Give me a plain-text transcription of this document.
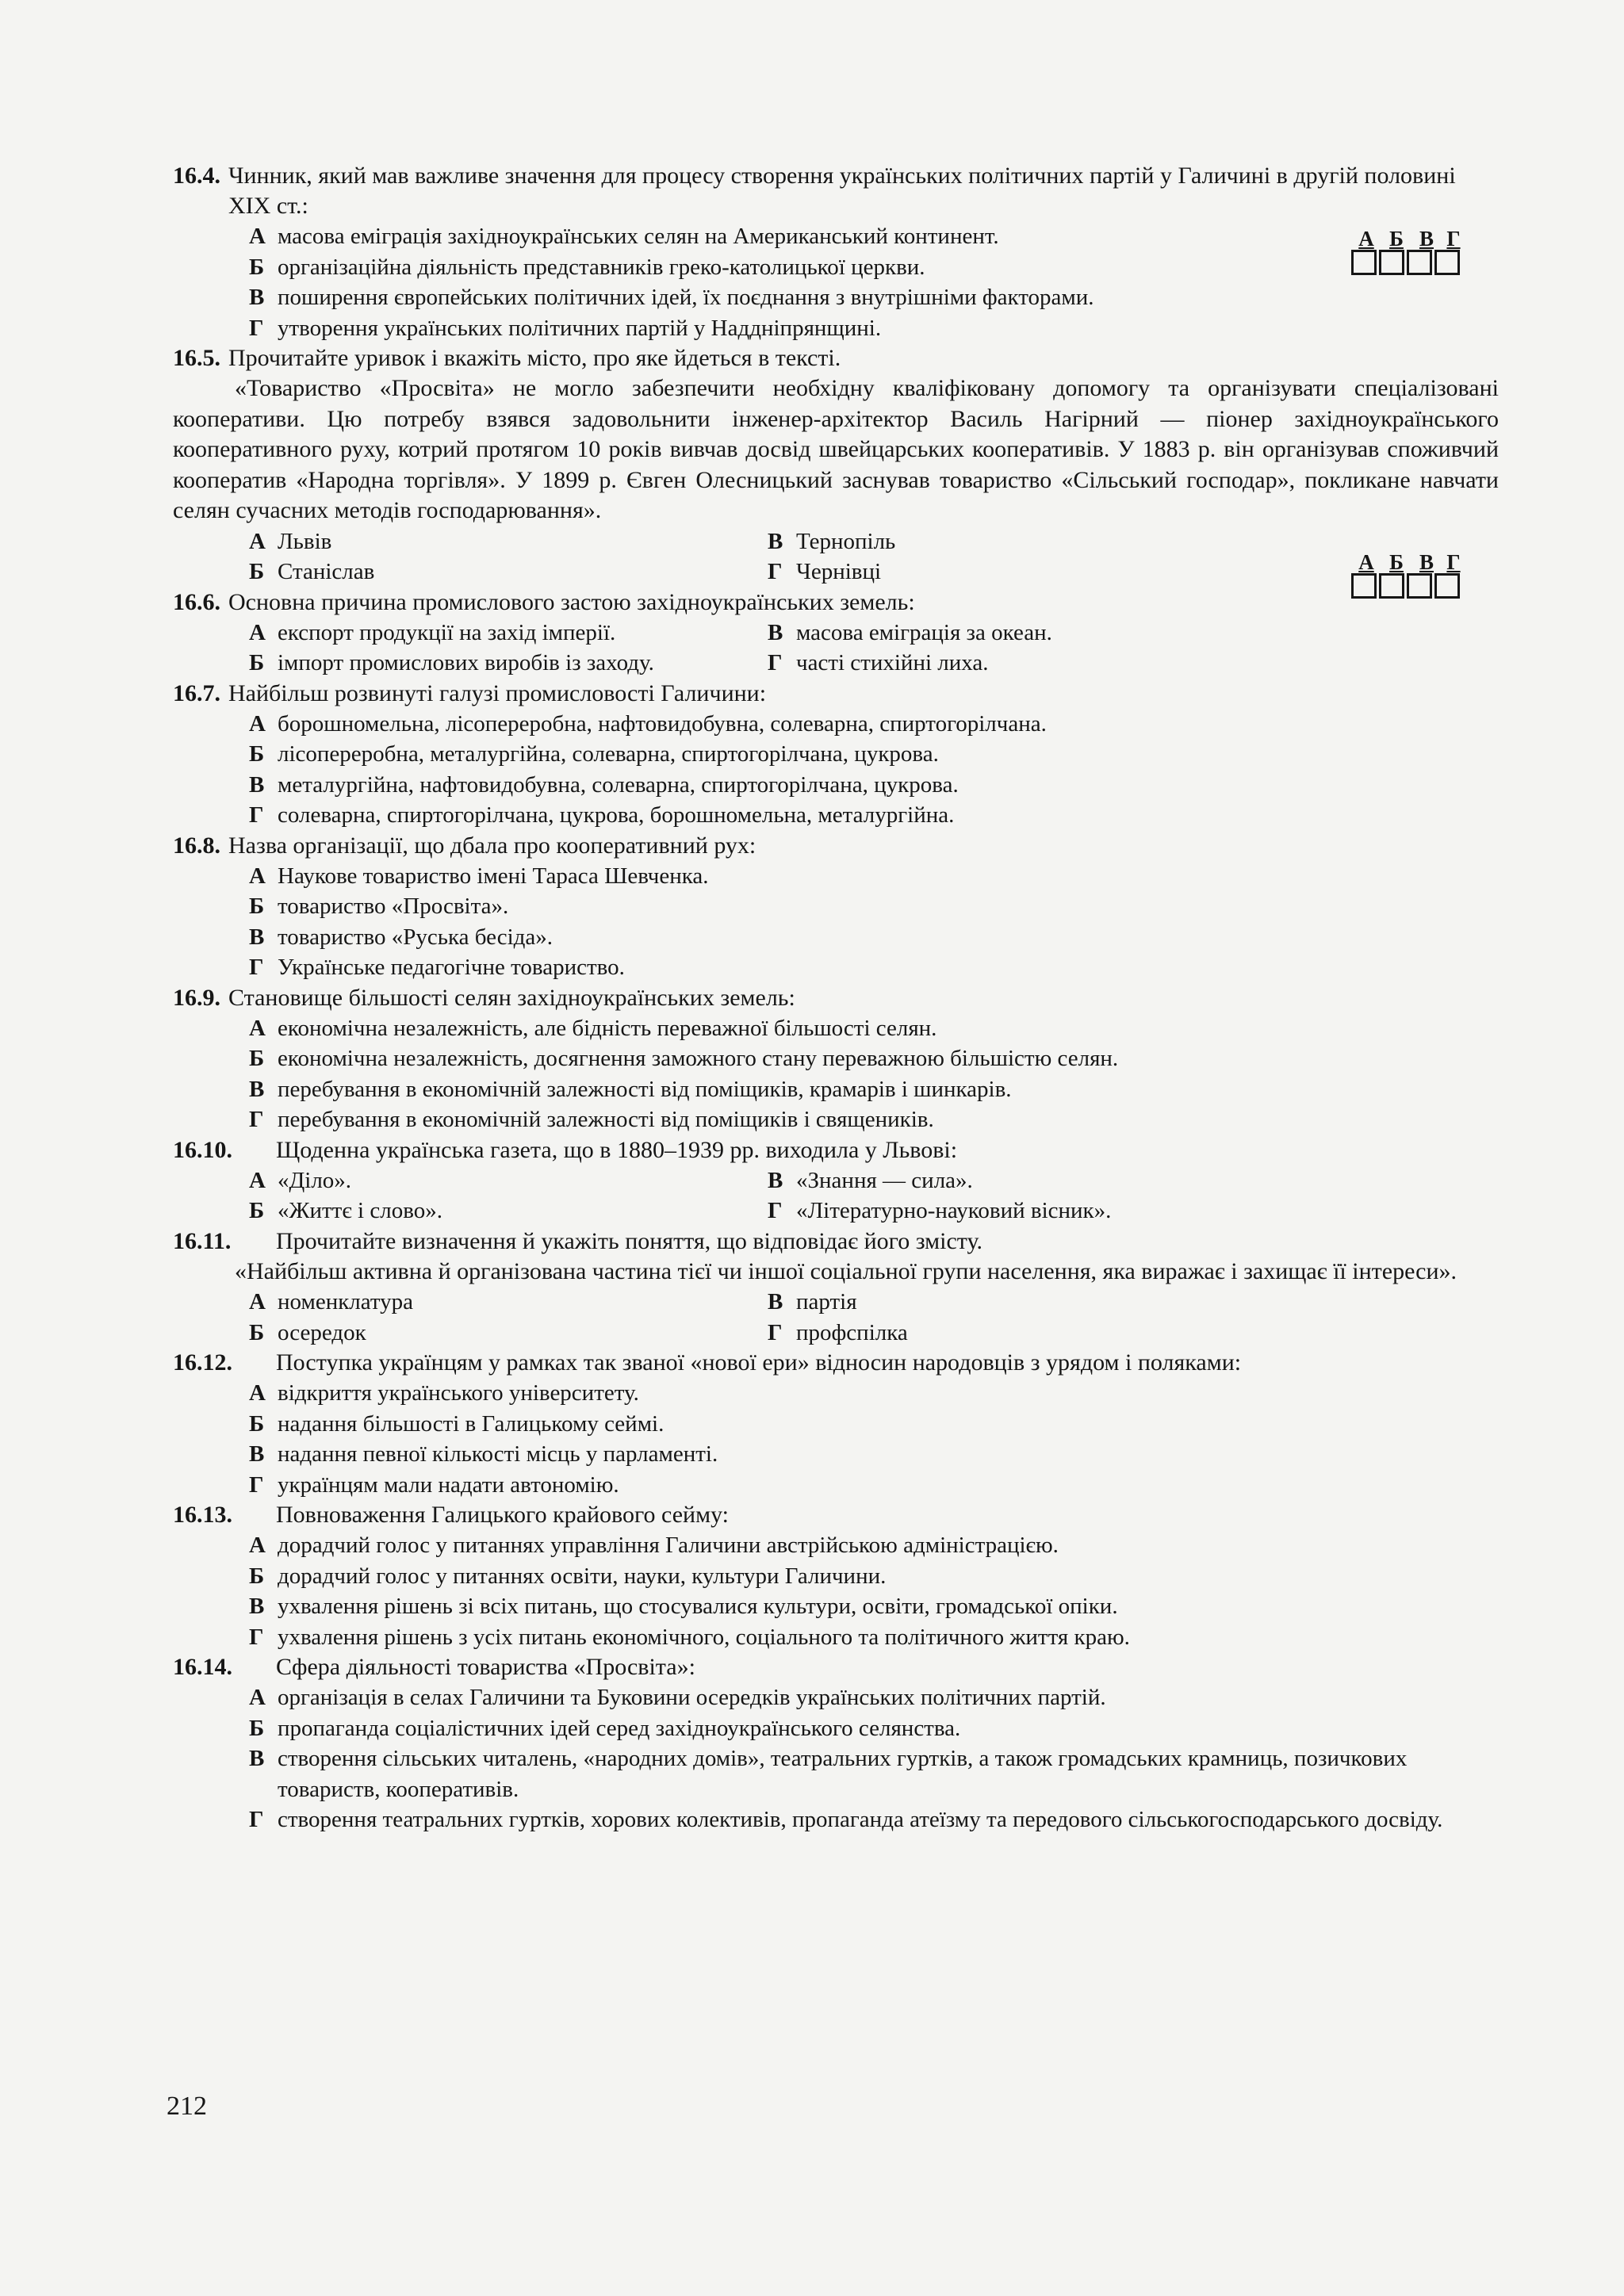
16.4. Чинник, який мав важливе значення для процесу створення українських політичних партій у Галичині в другій половині XIX ст.:
А масова еміграція західноукраїнських селян на Американський континент.
Б організаційна діяльність представників греко-католицької церкви.
В поширення європейських політичних ідей, їх поєднання з внутрішніми факторами.
Г утворення українських політичних партій у Наддніпрянщині.
А Б В Г
16.5. Прочитайте уривок і вкажіть місто, про яке йдеться в тексті.
«Товариство «Просвіта» не могло забезпечити необхідну кваліфіковану допомогу та організувати спеціалізовані кооперативи. Цю потребу взявся задовольнити інженер-архітектор Василь Нагірний — піонер західноукраїнського кооперативного руху, котрий протягом 10 років вивчав досвід швейцарських кооперативів. У 1883 р. він організував споживчий кооператив «Народна торгівля». У 1899 р. Євген Олесницький заснував товариство «Сільський господар», покликане навчати селян сучасних методів господарювання».
А Львів	В Тернопіль
Б Станіслав	Г Чернівці	А Б В Г
16.6. Основна причина промислового застою західноукраїнських земель:
А експорт продукції на захід імперії.	В масова еміграція за океан.
Б імпорт промислових виробів із заходу.	Г часті стихійні лиха.
16.7. Найбільш розвинуті галузі промисловості Галичини:
А борошномельна, лісопереробна, нафтовидобувна, солеварна, спиртогорілчана.
Б лісопереробна, металургійна, солеварна, спиртогорілчана, цукрова.
В металургійна, нафтовидобувна, солеварна, спиртогорілчана, цукрова.
Г солеварна, спиртогорілчана, цукрова, борошномельна, металургійна.
16.8. Назва організації, що дбала про кооперативний рух:
А Наукове товариство імені Тараса Шевченка.
Б товариство «Просвіта».
В товариство «Руська бесіда».
Г Українське педагогічне товариство.
16.9. Становище більшості селян західноукраїнських земель:
А економічна незалежність, але бідність переважної більшості селян.
Б економічна незалежність, досягнення заможного стану переважною більшістю селян.
В перебування в економічній залежності від поміщиків, крамарів і шинкарів.
Г перебування в економічній залежності від поміщиків і священиків.
16.10.	Щоденна українська газета, що в 1880–1939 рр. виходила у Львові:
А «Діло».	В «Знання — сила».
Б «Життє і слово».	Г «Літературно-науковий вісник».
16.11.	Прочитайте визначення й укажіть поняття, що відповідає його змісту.
«Найбільш активна й організована частина тієї чи іншої соціальної групи населення, яка виражає і захищає її інтереси».
А номенклатура	В партія
Б осередок	Г профспілка
16.12.	Поступка українцям у рамках так званої «нової ери» відносин народовців з урядом і поляками:
А відкриття українського університету.
Б надання більшості в Галицькому сеймі.
В надання певної кількості місць у парламенті.
Г українцям мали надати автономію.
16.13.	Повноваження Галицького крайового сейму:
А дорадчий голос у питаннях управління Галичини австрійською адміністрацією.
Б дорадчий голос у питаннях освіти, науки, культури Галичини.
В ухвалення рішень зі всіх питань, що стосувалися культури, освіти, громадської опіки.
Г ухвалення рішень з усіх питань економічного, соціального та політичного життя краю.
16.14.	Сфера діяльності товариства «Просвіта»:
А організація в селах Галичини та Буковини осередків українських політичних партій.
Б пропаганда соціалістичних ідей серед західноукраїнського селянства.
В створення сільських читалень, «народних домів», театральних гуртків, а також громадських крамниць, позичкових товариств, кооперативів.
Г створення театральних гуртків, хорових колективів, пропаганда атеїзму та передового сільськогосподарського досвіду.
212
